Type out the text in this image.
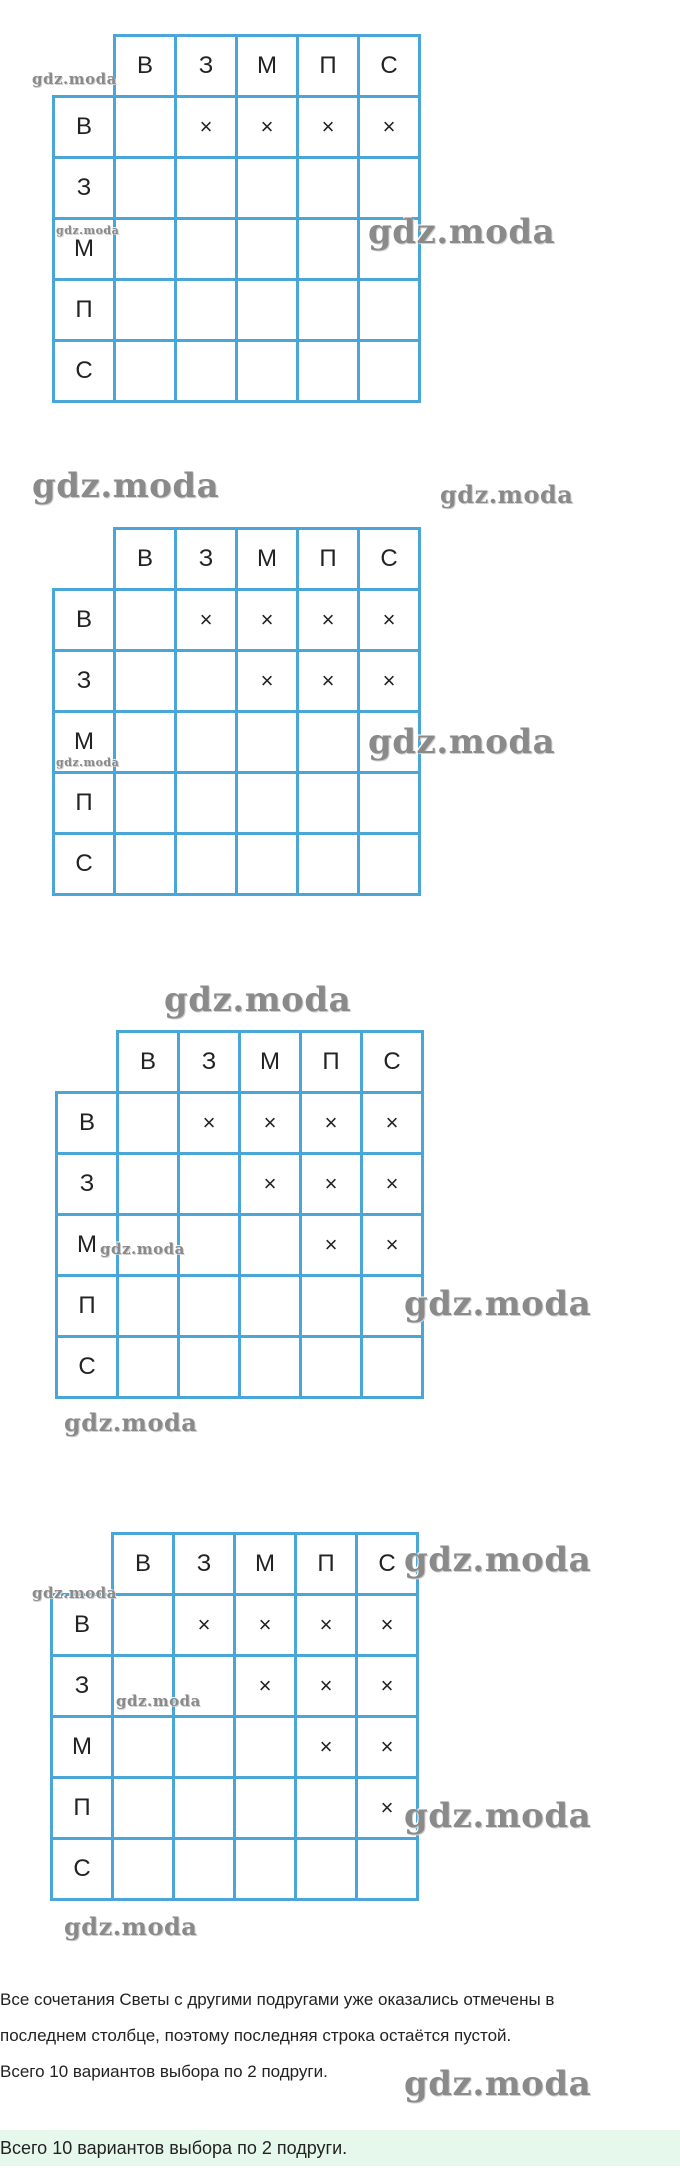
	В	З	М	П	С
В		×	×	×	×
З					
М					
П					
С					
	В	З	М	П	С
В		×	×	×	×
З			×	×	×
М					
П					
С					
	В	З	М	П	С
В		×	×	×	×
З			×	×	×
М				×	×
П					
С					
	В	З	М	П	С
В		×	×	×	×
З			×	×	×
М				×	×
П					×
С					
gdz.moda
gdz.moda
gdz.moda
gdz.moda	gdz.moda
gdz.moda
gdz.moda
gdz.moda
gdz.moda
gdz.moda
gdz.moda
gdz.moda
gdz.moda
gdz.moda
gdz.moda
gdz.moda
gdz.moda
Все сочетания Светы с другими подругами уже оказались отмечены в
последнем столбце, поэтому последняя строка остаётся пустой.
Всего 10 вариантов выбора по 2 подруги.
Всего 10 вариантов выбора по 2 подруги.
